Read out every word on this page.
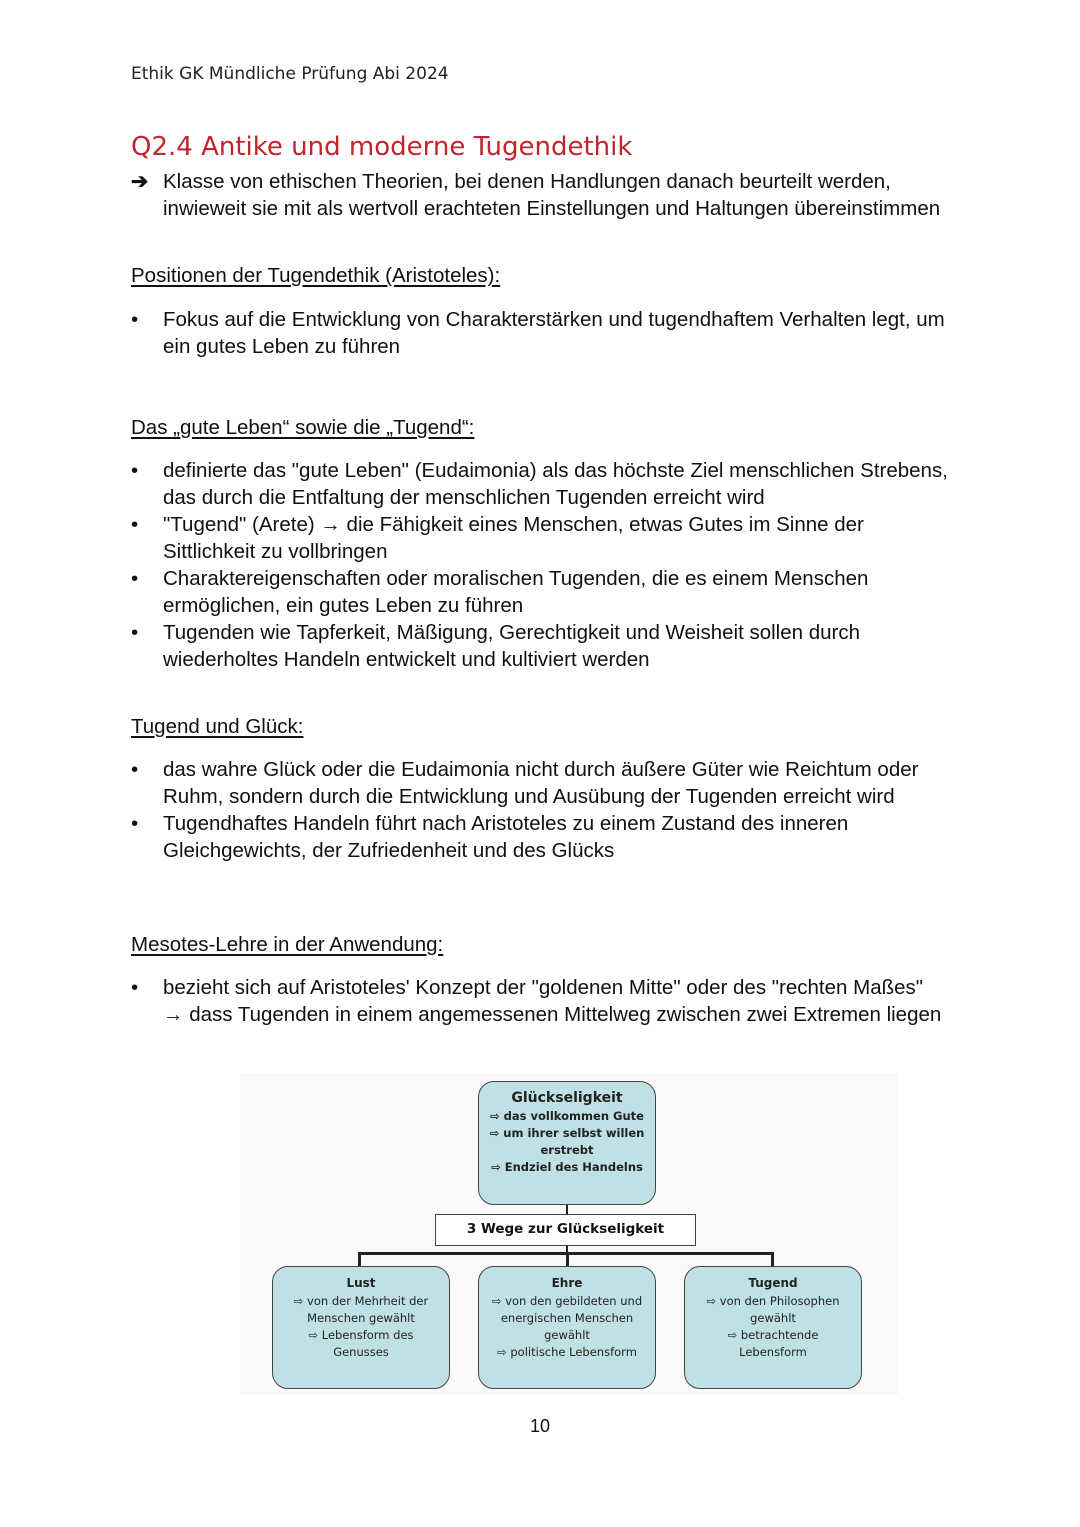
Ethik GK Mündliche Prüfung Abi 2024
Q2.4 Antike und moderne Tugendethik
➔ Klasse von ethischen Theorien, bei denen Handlungen danach beurteilt werden, inwieweit sie mit als wertvoll erachteten Einstellungen und Haltungen übereinstimmen
Positionen der Tugendethik (Aristoteles):
• Fokus auf die Entwicklung von Charakterstärken und tugendhaftem Verhalten legt, um ein gutes Leben zu führen
Das „gute Leben“ sowie die „Tugend“:
• definierte das "gute Leben" (Eudaimonia) als das höchste Ziel menschlichen Strebens, das durch die Entfaltung der menschlichen Tugenden erreicht wird
• "Tugend" (Arete) → die Fähigkeit eines Menschen, etwas Gutes im Sinne der Sittlichkeit zu vollbringen
• Charaktereigenschaften oder moralischen Tugenden, die es einem Menschen ermöglichen, ein gutes Leben zu führen
• Tugenden wie Tapferkeit, Mäßigung, Gerechtigkeit und Weisheit sollen durch wiederholtes Handeln entwickelt und kultiviert werden
Tugend und Glück:
• das wahre Glück oder die Eudaimonia nicht durch äußere Güter wie Reichtum oder Ruhm, sondern durch die Entwicklung und Ausübung der Tugenden erreicht wird
• Tugendhaftes Handeln führt nach Aristoteles zu einem Zustand des inneren Gleichgewichts, der Zufriedenheit und des Glücks
Mesotes-Lehre in der Anwendung:
• bezieht sich auf Aristoteles' Konzept der "goldenen Mitte" oder des "rechten Maßes"
→ dass Tugenden in einem angemessenen Mittelweg zwischen zwei Extremen liegen
Glückseligkeit
⇨ das vollkommen Gute
⇨ um ihrer selbst willen
erstrebt
⇨ Endziel des Handelns
3 Wege zur Glückseligkeit
Lust
⇨ von der Mehrheit der
Menschen gewählt
⇨ Lebensform des
Genusses
Ehre
⇨ von den gebildeten und
energischen Menschen
gewählt
⇨ politische Lebensform
Tugend
⇨ von den Philosophen
gewählt
⇨ betrachtende
Lebensform
10
